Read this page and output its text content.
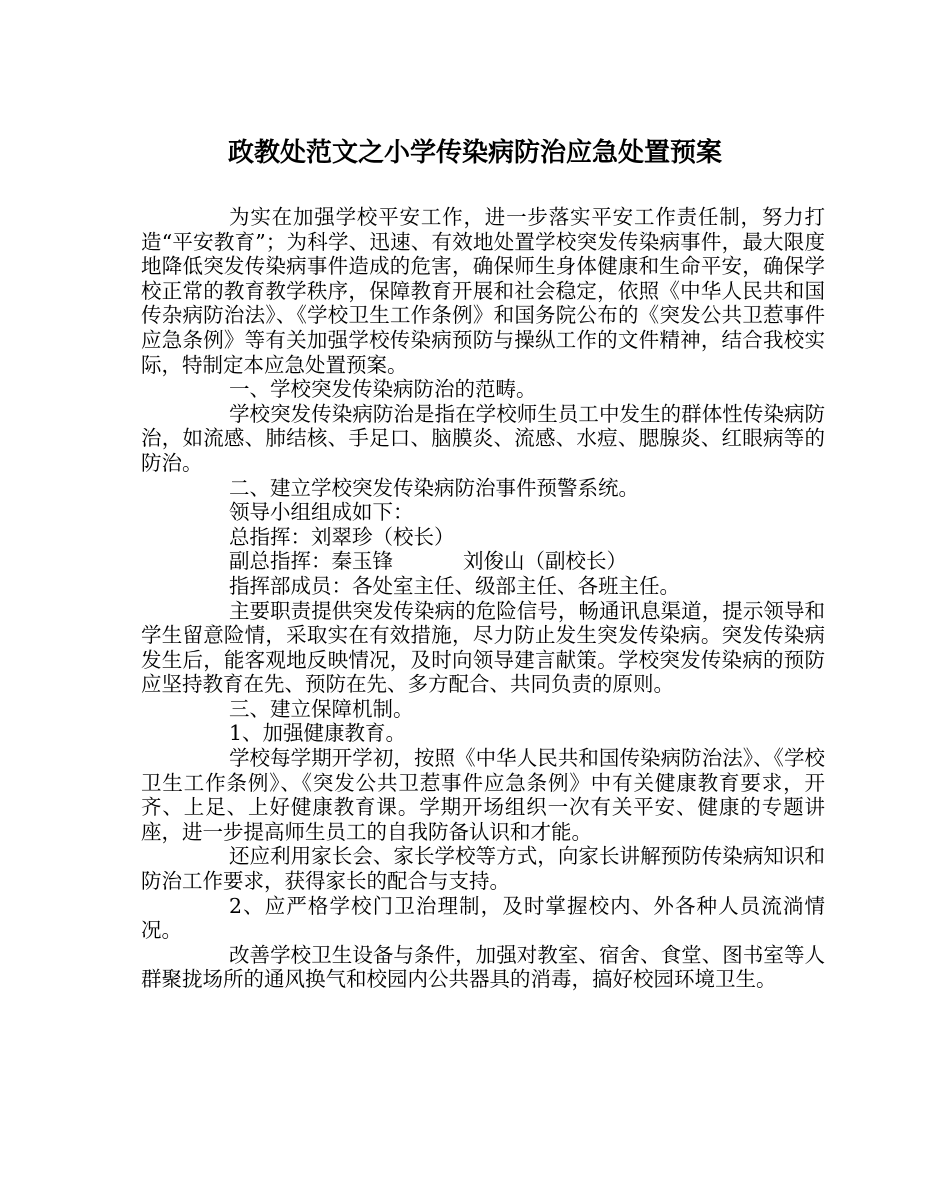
政教处范文之小学传染病防治应急处置预案

为实在加强学校平安工作，进一步落实平安工作责任制，努力打造“平安教育”；为科学、迅速、有效地处置学校突发传染病事件，最大限度地降低突发传染病事件造成的危害，确保师生身体健康和生命平安，确保学校正常的教育教学秩序，保障教育开展和社会稳定，依照《中华人民共和国传杂病防治法》、《学校卫生工作条例》和国务院公布的《突发公共卫惹事件应急条例》等有关加强学校传染病预防与操纵工作的文件精神，结合我校实际，特制定本应急处置预案。

一、学校突发传染病防治的范畴。

学校突发传染病防治是指在学校师生员工中发生的群体性传染病防治，如流感、肺结核、手足口、脑膜炎、流感、水痘、腮腺炎、红眼病等的防治。

二、建立学校突发传染病防治事件预警系统。

领导小组组成如下：

总指挥：刘翠珍（校长）

副总指挥：秦玉锋	刘俊山（副校长）

指挥部成员：各处室主任、级部主任、各班主任。

主要职责提供突发传染病的危险信号，畅通讯息渠道，提示领导和学生留意险情，采取实在有效措施，尽力防止发生突发传染病。突发传染病发生后，能客观地反映情况，及时向领导建言献策。学校突发传染病的预防应坚持教育在先、预防在先、多方配合、共同负责的原则。

三、建立保障机制。

1、加强健康教育。

学校每学期开学初，按照《中华人民共和国传染病防治法》、《学校卫生工作条例》、《突发公共卫惹事件应急条例》中有关健康教育要求，开齐、上足、上好健康教育课。学期开场组织一次有关平安、健康的专题讲座，进一步提高师生员工的自我防备认识和才能。

还应利用家长会、家长学校等方式，向家长讲解预防传染病知识和防治工作要求，获得家长的配合与支持。

2、应严格学校门卫治理制，及时掌握校内、外各种人员流淌情况。

改善学校卫生设备与条件，加强对教室、宿舍、食堂、图书室等人群聚拢场所的通风换气和校园内公共器具的消毒，搞好校园环境卫生。
